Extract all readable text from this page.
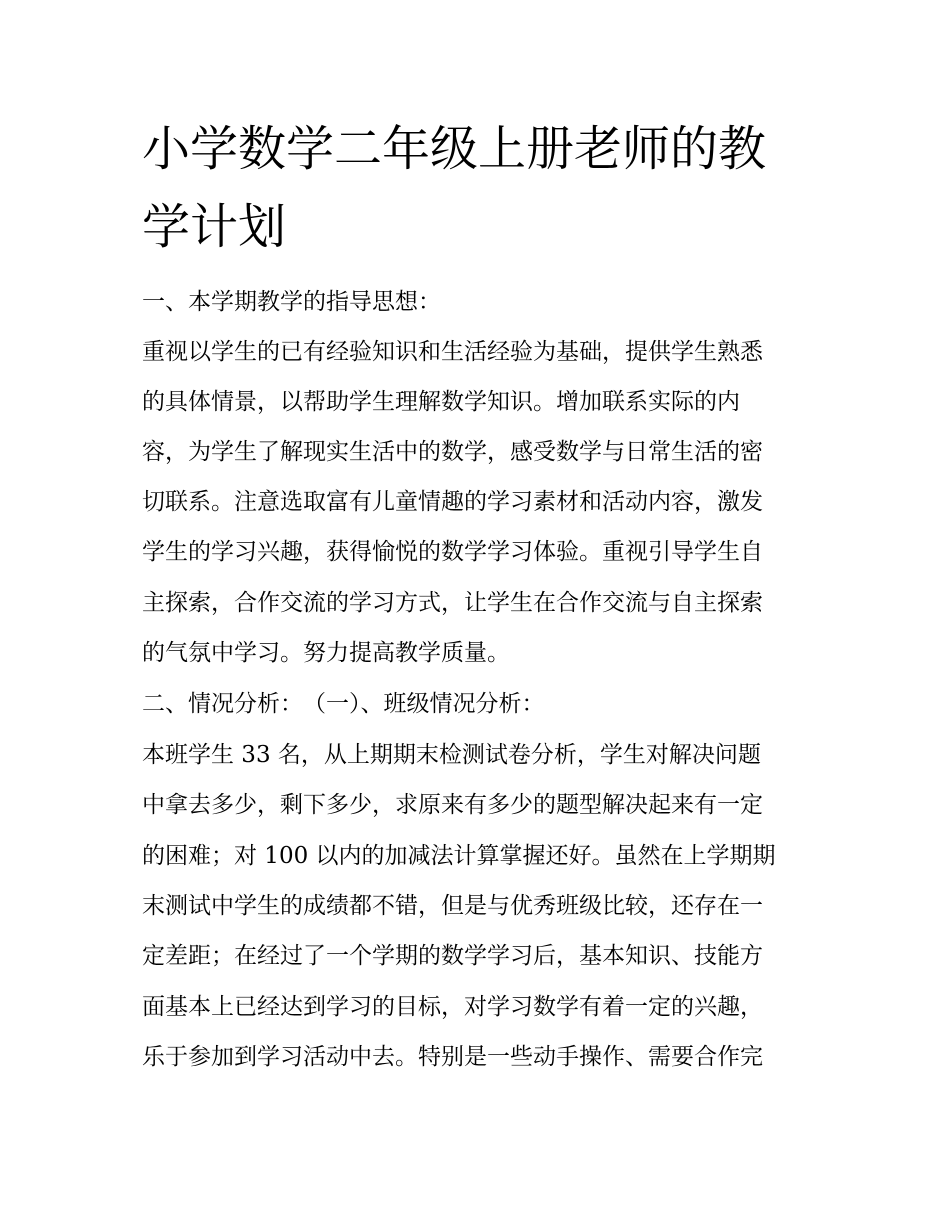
小学数学二年级上册老师的教
学计划

一、本学期教学的指导思想：

重视以学生的已有经验知识和生活经验为基础，提供学生熟悉

的具体情景，以帮助学生理解数学知识。增加联系实际的内

容，为学生了解现实生活中的数学，感受数学与日常生活的密

切联系。注意选取富有儿童情趣的学习素材和活动内容，激发

学生的学习兴趣，获得愉悦的数学学习体验。重视引导学生自

主探索，合作交流的学习方式，让学生在合作交流与自主探索

的气氛中学习。努力提高教学质量。

二、情况分析：　（一）、班级情况分析：

本班学生 33 名，从上期期末检测试卷分析，学生对解决问题

中拿去多少，剩下多少，求原来有多少的题型解决起来有一定

的困难；对 100 以内的加减法计算掌握还好。虽然在上学期期

末测试中学生的成绩都不错，但是与优秀班级比较，还存在一

定差距；在经过了一个学期的数学学习后，基本知识、技能方

面基本上已经达到学习的目标，对学习数学有着一定的兴趣，

乐于参加到学习活动中去。特别是一些动手操作、需要合作完
